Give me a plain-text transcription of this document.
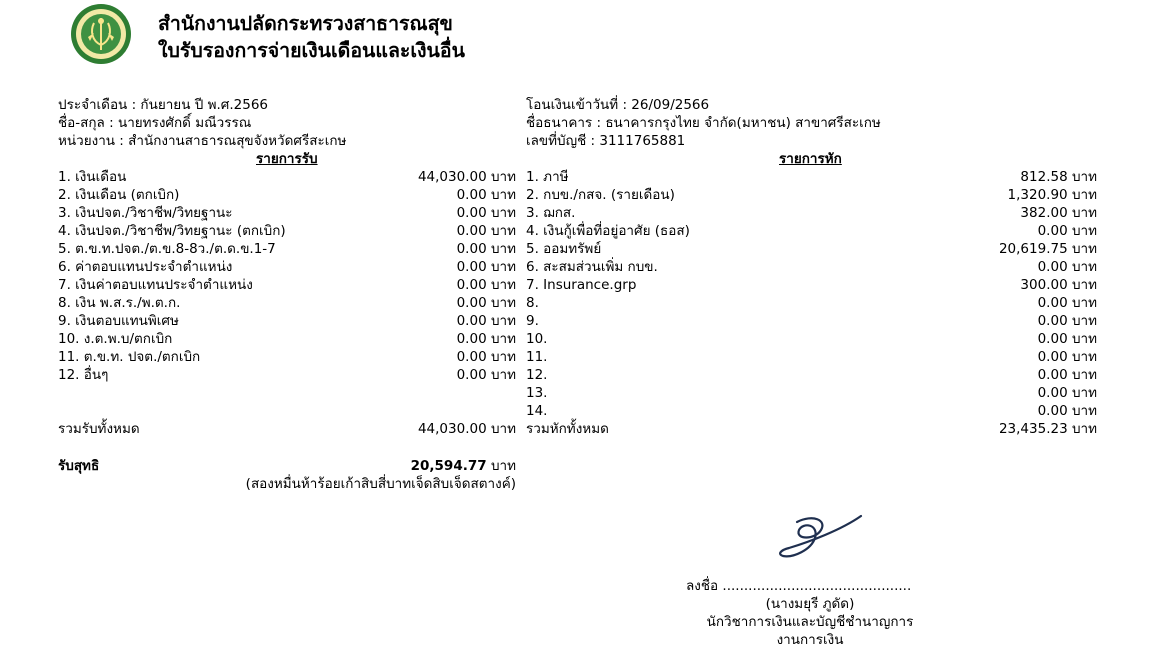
สำนักงานปลัดกระทรวงสาธารณสุข
ใบรับรองการจ่ายเงินเดือนและเงินอื่น
ประจำเดือน : กันยายน ปี พ.ศ.2566
ชื่อ-สกุล : นายทรงศักดิ์ มณีวรรณ
หน่วยงาน : สำนักงานสาธารณสุขจังหวัดศรีสะเกษ
โอนเงินเข้าวันที่ : 26/09/2566
ชื่อธนาคาร : ธนาคารกรุงไทย จำกัด(มหาชน) สาขาศรีสะเกษ
เลขที่บัญชี : 3111765881
รายการรับ	รายการหัก
1. เงินเดือน	44,030.00 บาท
2. เงินเดือน (ตกเบิก)	0.00 บาท
3. เงินปจต./วิชาชีพ/วิทยฐานะ	0.00 บาท
4. เงินปจต./วิชาชีพ/วิทยฐานะ (ตกเบิก)	0.00 บาท
5. ต.ข.ท.ปจต./ต.ข.8-8ว./ต.ด.ข.1-7	0.00 บาท
6. ค่าตอบแทนประจำตำแหน่ง	0.00 บาท
7. เงินค่าตอบแทนประจำตำแหน่ง	0.00 บาท
8. เงิน พ.ส.ร./พ.ต.ก.	0.00 บาท
9. เงินตอบแทนพิเศษ	0.00 บาท
10. ง.ต.พ.บ/ตกเบิก	0.00 บาท
11. ต.ข.ท. ปจต./ตกเบิก	0.00 บาท
12. อื่นๆ	0.00 บาท
รวมรับทั้งหมด	44,030.00 บาท
1. ภาษี	812.58 บาท
2. กบข./กสจ. (รายเดือน)	1,320.90 บาท
3. ฌกส.	382.00 บาท
4. เงินกู้เพื่อที่อยู่อาศัย (ธอส)	0.00 บาท
5. ออมทรัพย์	20,619.75 บาท
6. สะสมส่วนเพิ่ม กบข.	0.00 บาท
7. Insurance.grp	300.00 บาท
8.	0.00 บาท
9.	0.00 บาท
10.	0.00 บาท
11.	0.00 บาท
12.	0.00 บาท
13.	0.00 บาท
14.	0.00 บาท
รวมหักทั้งหมด	23,435.23 บาท
รับสุทธิ	20,594.77 บาท
(สองหมื่นห้าร้อยเก้าสิบสี่บาทเจ็ดสิบเจ็ดสตางค์)
ลงชื่อ ............................................
(นางมยุรี ภูดัด)
นักวิชาการเงินและบัญชีชำนาญการ
งานการเงิน
